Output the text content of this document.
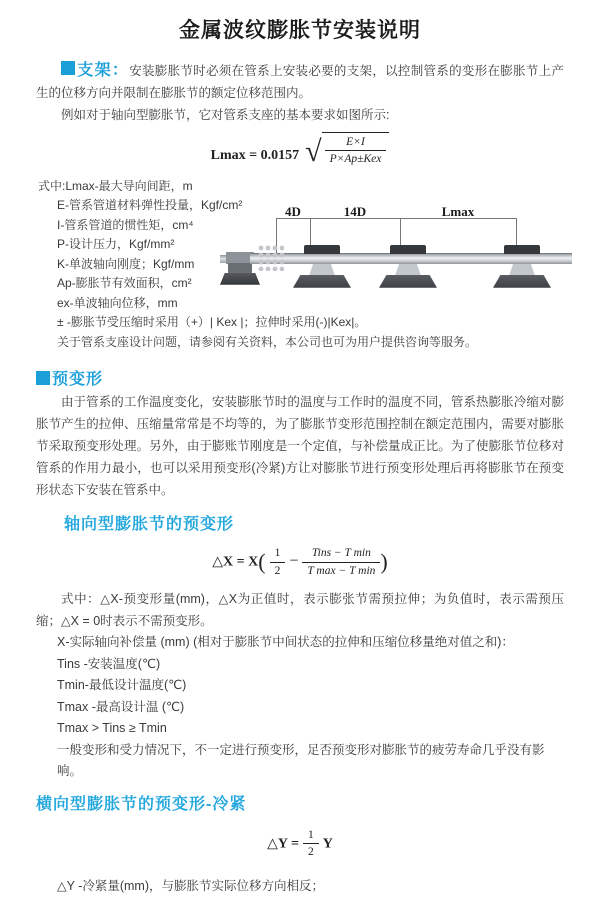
金属波纹膨胀节安装说明

支架：安装膨胀节时必须在管系上安装必要的支架，以控制管系的变形在膨胀节上产生的位移方向并限制在膨胀节的额定位移范围内。

例如对于轴向型膨胀节，它对管系支座的基本要求如图所示:

Lmax = 0.0157 √ $\frac{E\times I}{\text{P×Ap±Kex}}$
式中:Lmax-最大导向间距，m
E-管系管道材料弹性投量，Kgf/cm²
I-管系管道的惯性矩，cm⁴
P-设计压力，Kgf/mm²
K-单波轴向刚度；Kgf/mm
Ap-膨胀节有效面积，cm²
ex-单波轴向位移，mm
± -膨胀节受压缩时采用（+）| Kex |；拉伸时采用(-)|Kex|。
关于管系支座设计问题，请参阅有关资料，本公司也可为用户提供咨询等服务。
4D	14D	Lmax
预变形

由于管系的工作温度变化，安装膨胀节时的温度与工作时的温度不同，管系热膨胀冷缩对膨胀节产生的拉伸、压缩量常常是不均等的，为了膨胀节变形范围控制在额定范围内，需要对膨胀节采取预变形处理。另外，由于膨账节刚度是一个定值，与补偿量成正比。为了使膨胀节位移对管系的作用力最小，也可以采用预变形(冷紧)方让对膨胀节进行预变形处理后再将膨胀节在预变形状态下安装在管系中。

轴向型膨胀节的预变形
△X = $X( \frac{1}{2} - \frac{\text{Tins − T min}}{\text{T max − T min}}$ )

式中：△X-预变形量(mm)，△X为正值时，表示膨张节需预拉伸；为负值时，表示需预压缩；△X = 0时表示不需预变形。

X-实际轴向补偿量 (mm) (相对于膨胀节中间状态的拉伸和压缩位移量绝对值之和)：
Tins -安装温度(℃)
Tmin-最低设计温度(℃)
Tmax -最高设计温 (℃)
Tmax > Tins ≥ Tmin
一般变形和受力情况下，不一定进行预变形，足否预变形对膨胀节的疲劳寿命几乎没有影响。
横向型膨胀节的预变形-冷紧
△Y = $\frac{1}{2}$ Y

△Y -冷紧量(mm)，与膨胀节实际位移方向相反；
